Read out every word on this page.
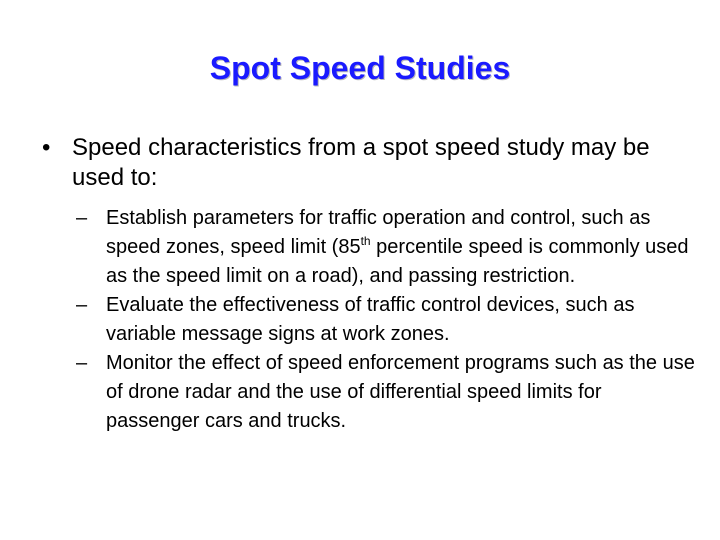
Spot Speed Studies
• Speed characteristics from a spot speed study may be used to:
– Establish parameters for traffic operation and control, such as speed zones, speed limit (85th percentile speed is commonly used as the speed limit on a road), and passing restriction.
– Evaluate the effectiveness of traffic control devices, such as variable message signs at work zones.
– Monitor the effect of speed enforcement programs such as the use of drone radar and the use of differential speed limits for passenger cars and trucks.
